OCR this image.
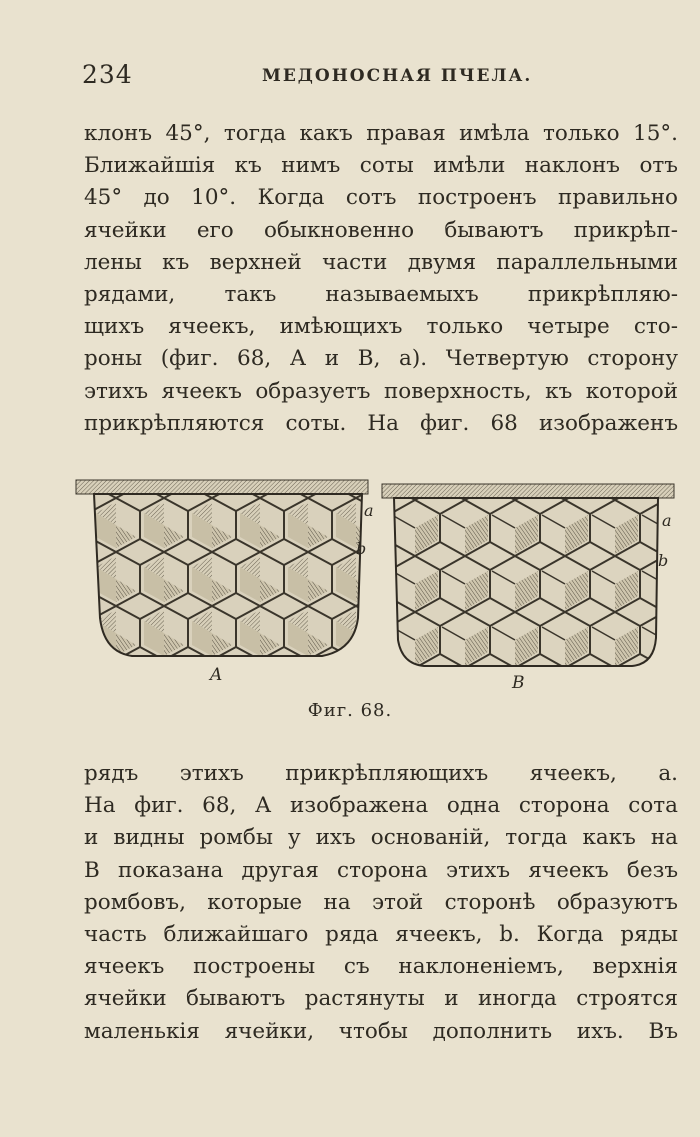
234	МЕДОНОСНАЯ ПЧЕЛА.
клонъ 45°, тогда какъ правая имѣла только 15°.
Ближайшія къ нимъ соты имѣли наклонъ отъ
45° до 10°. Когда сотъ построенъ правильно
ячейки его обыкновенно бываютъ прикрѣп-
лены къ верхней части двумя параллельными
рядами, такъ называемыхъ прикрѣпляю-
щихъ ячеекъ, имѣющихъ только четыре сто-
роны (фиг. 68, А и В, a). Четвертую сторону
этихъ ячеекъ образуетъ поверхность, къ которой
прикрѣпляются соты. На фиг. 68 изображенъ
a
b
a
b
A	B
Фиг. 68.
рядъ этихъ прикрѣпляющихъ ячеекъ, a.
На фиг. 68, А изображена одна сторона сота
и видны ромбы у ихъ основаній, тогда какъ на
В показана другая сторона этихъ ячеекъ безъ
ромбовъ, которые на этой сторонѣ образуютъ
часть ближайшаго ряда ячеекъ, b. Когда ряды
ячеекъ построены съ наклоненіемъ, верхнія
ячейки бываютъ растянуты и иногда строятся
маленькія ячейки, чтобы дополнить ихъ. Въ
